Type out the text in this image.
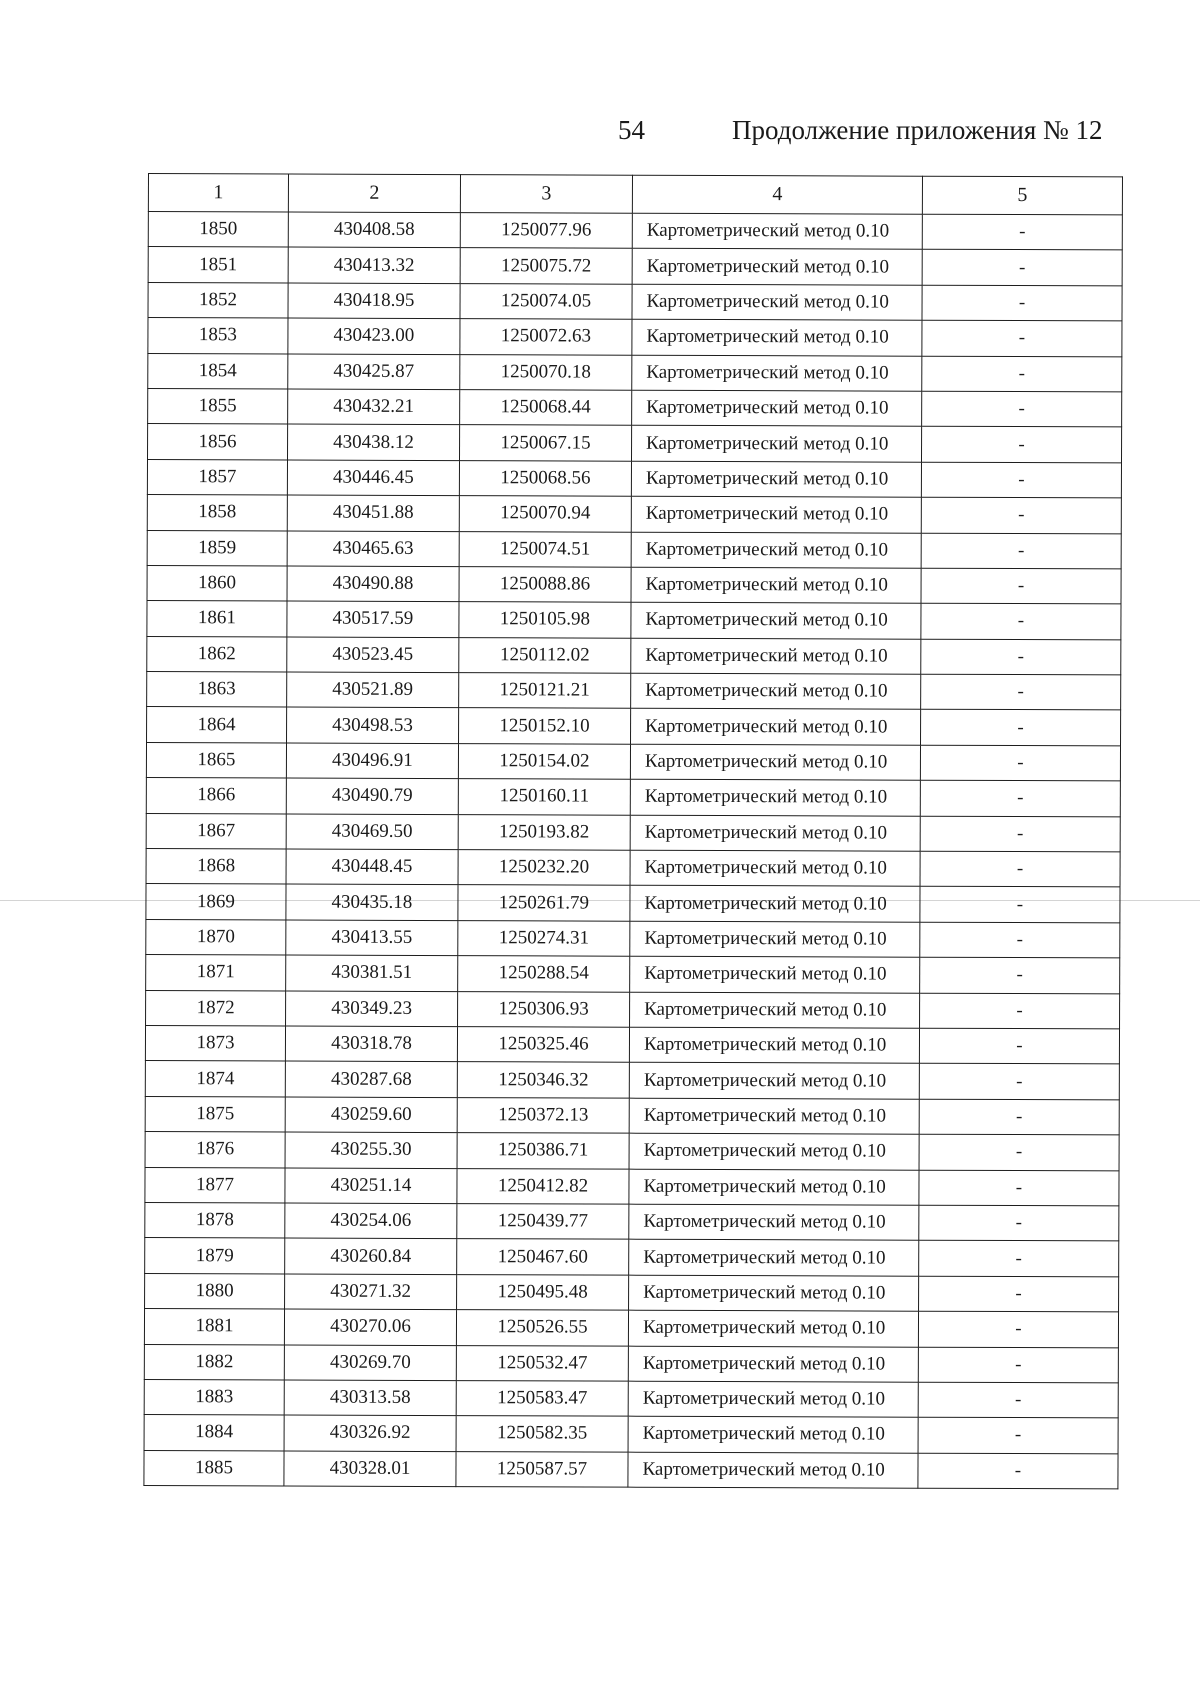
54	Продолжение приложения № 12
1	2	3	4	5
1850	430408.58	1250077.96	Картометрический метод 0.10	-
1851	430413.32	1250075.72	Картометрический метод 0.10	-
1852	430418.95	1250074.05	Картометрический метод 0.10	-
1853	430423.00	1250072.63	Картометрический метод 0.10	-
1854	430425.87	1250070.18	Картометрический метод 0.10	-
1855	430432.21	1250068.44	Картометрический метод 0.10	-
1856	430438.12	1250067.15	Картометрический метод 0.10	-
1857	430446.45	1250068.56	Картометрический метод 0.10	-
1858	430451.88	1250070.94	Картометрический метод 0.10	-
1859	430465.63	1250074.51	Картометрический метод 0.10	-
1860	430490.88	1250088.86	Картометрический метод 0.10	-
1861	430517.59	1250105.98	Картометрический метод 0.10	-
1862	430523.45	1250112.02	Картометрический метод 0.10	-
1863	430521.89	1250121.21	Картометрический метод 0.10	-
1864	430498.53	1250152.10	Картометрический метод 0.10	-
1865	430496.91	1250154.02	Картометрический метод 0.10	-
1866	430490.79	1250160.11	Картометрический метод 0.10	-
1867	430469.50	1250193.82	Картометрический метод 0.10	-
1868	430448.45	1250232.20	Картометрический метод 0.10	-
1869	430435.18	1250261.79	Картометрический метод 0.10	-
1870	430413.55	1250274.31	Картометрический метод 0.10	-
1871	430381.51	1250288.54	Картометрический метод 0.10	-
1872	430349.23	1250306.93	Картометрический метод 0.10	-
1873	430318.78	1250325.46	Картометрический метод 0.10	-
1874	430287.68	1250346.32	Картометрический метод 0.10	-
1875	430259.60	1250372.13	Картометрический метод 0.10	-
1876	430255.30	1250386.71	Картометрический метод 0.10	-
1877	430251.14	1250412.82	Картометрический метод 0.10	-
1878	430254.06	1250439.77	Картометрический метод 0.10	-
1879	430260.84	1250467.60	Картометрический метод 0.10	-
1880	430271.32	1250495.48	Картометрический метод 0.10	-
1881	430270.06	1250526.55	Картометрический метод 0.10	-
1882	430269.70	1250532.47	Картометрический метод 0.10	-
1883	430313.58	1250583.47	Картометрический метод 0.10	-
1884	430326.92	1250582.35	Картометрический метод 0.10	-
1885	430328.01	1250587.57	Картометрический метод 0.10	-
